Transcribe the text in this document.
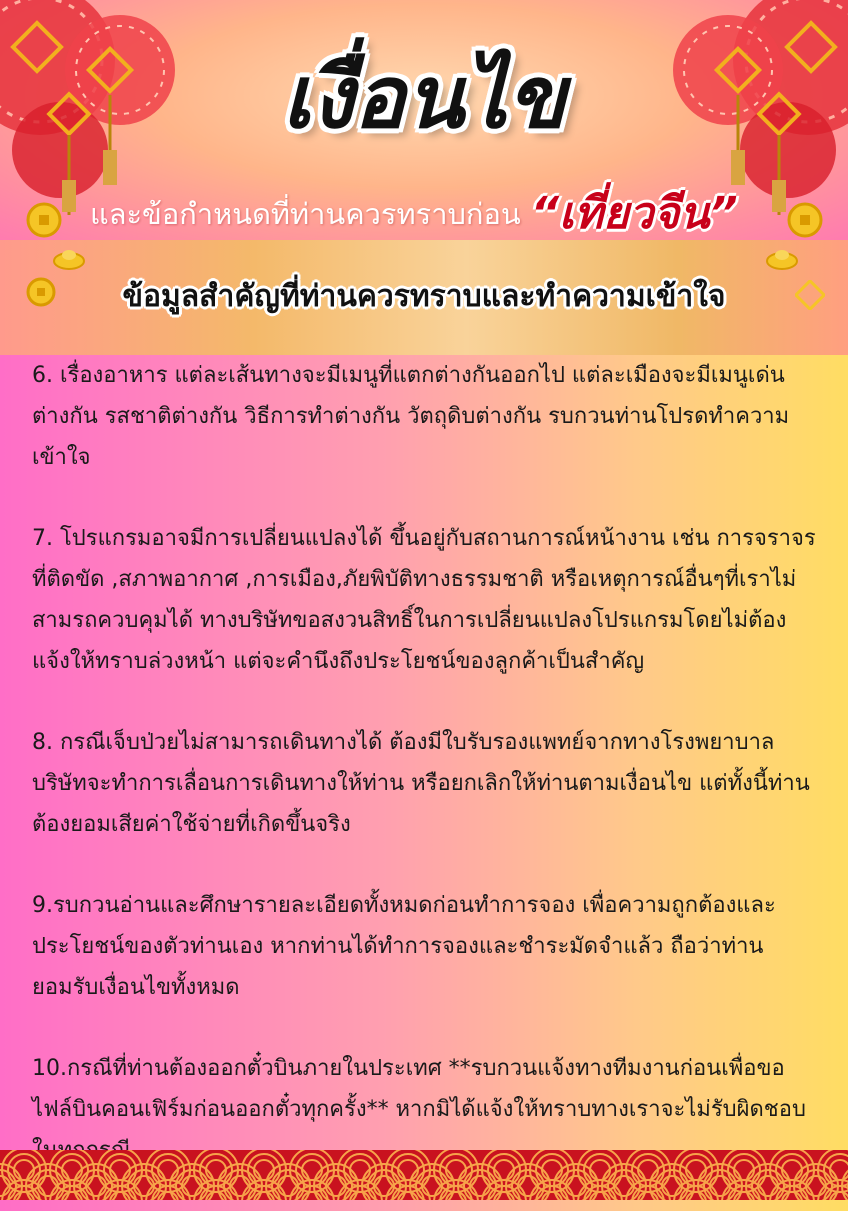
เงื่อนไข
และข้อกำหนดที่ท่านควรทราบก่อน “เที่ยวจีน”
ข้อมูลสำคัญที่ท่านควรทราบและทำความเข้าใจ

6. เรื่องอาหาร แต่ละเส้นทางจะมีเมนูที่แตกต่างกันออกไป แต่ละเมืองจะมีเมนูเด่นต่างกัน รสชาติต่างกัน วิธีการทำต่างกัน วัตถุดิบต่างกัน รบกวนท่านโปรดทำความเข้าใจ

7. โปรแกรมอาจมีการเปลี่ยนแปลงได้ ขึ้นอยู่กับสถานการณ์หน้างาน เช่น การจราจรที่ติดขัด ,สภาพอากาศ ,การเมือง,ภัยพิบัติทางธรรมชาติ หรือเหตุการณ์อื่นๆที่เราไม่สามรถควบคุมได้ ทางบริษัทขอสงวนสิทธิ์ในการเปลี่ยนแปลงโปรแกรมโดยไม่ต้องแจ้งให้ทราบล่วงหน้า แต่จะคำนึงถึงประโยชน์ของลูกค้าเป็นสำคัญ

8. กรณีเจ็บป่วยไม่สามารถเดินทางได้ ต้องมีใบรับรองแพทย์จากทางโรงพยาบาล บริษัทจะทำการเลื่อนการเดินทางให้ท่าน หรือยกเลิกให้ท่านตามเงื่อนไข แต่ทั้งนี้ท่านต้องยอมเสียค่าใช้จ่ายที่เกิดขึ้นจริง

9.รบกวนอ่านและศึกษารายละเอียดทั้งหมดก่อนทำการจอง เพื่อความถูกต้องและประโยชน์ของตัวท่านเอง หากท่านได้ทำการจองและชำระมัดจำแล้ว ถือว่าท่านยอมรับเงื่อนไขทั้งหมด

10.กรณีที่ท่านต้องออกตั๋วบินภายในประเทศ **รบกวนแจ้งทางทีมงานก่อนเพื่อขอไฟล์บินคอนเฟิร์มก่อนออกตั๋วทุกครั้ง** หากมิได้แจ้งให้ทราบทางเราจะไม่รับผิดชอบ
